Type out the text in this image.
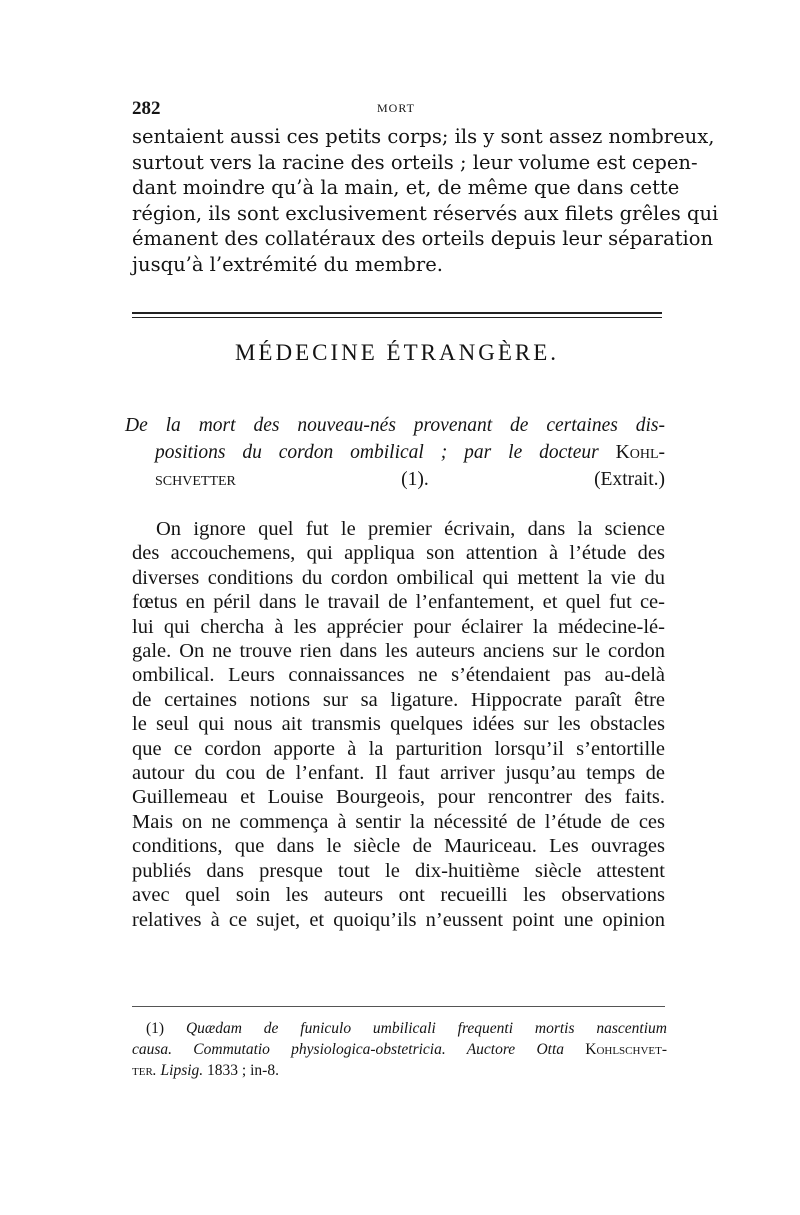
282	MORT
sentaient aussi ces petits corps; ils y sont assez nombreux,
surtout vers la racine des orteils ; leur volume est cepen-
dant moindre qu’à la main, et, de même que dans cette
région, ils sont exclusivement réservés aux filets grêles qui
émanent des collatéraux des orteils depuis leur séparation
jusqu’à l’extrémité du membre.
MÉDECINE ÉTRANGÈRE.
De la mort des nouveau-nés provenant de certaines dis-
positions du cordon ombilical ; par le docteur Kohl-
schvetter (1). (Extrait.)
On ignore quel fut le premier écrivain, dans la science
des accouchemens, qui appliqua son attention à l’étude des
diverses conditions du cordon ombilical qui mettent la vie du
fœtus en péril dans le travail de l’enfantement, et quel fut ce-
lui qui chercha à les apprécier pour éclairer la médecine-lé-
gale. On ne trouve rien dans les auteurs anciens sur le cordon
ombilical. Leurs connaissances ne s’étendaient pas au-delà
de certaines notions sur sa ligature. Hippocrate paraît être
le seul qui nous ait transmis quelques idées sur les obstacles
que ce cordon apporte à la parturition lorsqu’il s’entortille
autour du cou de l’enfant. Il faut arriver jusqu’au temps de
Guillemeau et Louise Bourgeois, pour rencontrer des faits.
Mais on ne commença à sentir la nécessité de l’étude de ces
conditions, que dans le siècle de Mauriceau. Les ouvrages
publiés dans presque tout le dix-huitième siècle attestent
avec quel soin les auteurs ont recueilli les observations
relatives à ce sujet, et quoiqu’ils n’eussent point une opinion
(1) Quædam de funiculo umbilicali frequenti mortis nascentium
causa. Commutatio physiologica-obstetricia. Auctore Otta Kohlschvet-
ter. Lipsig. 1833 ; in-8.
